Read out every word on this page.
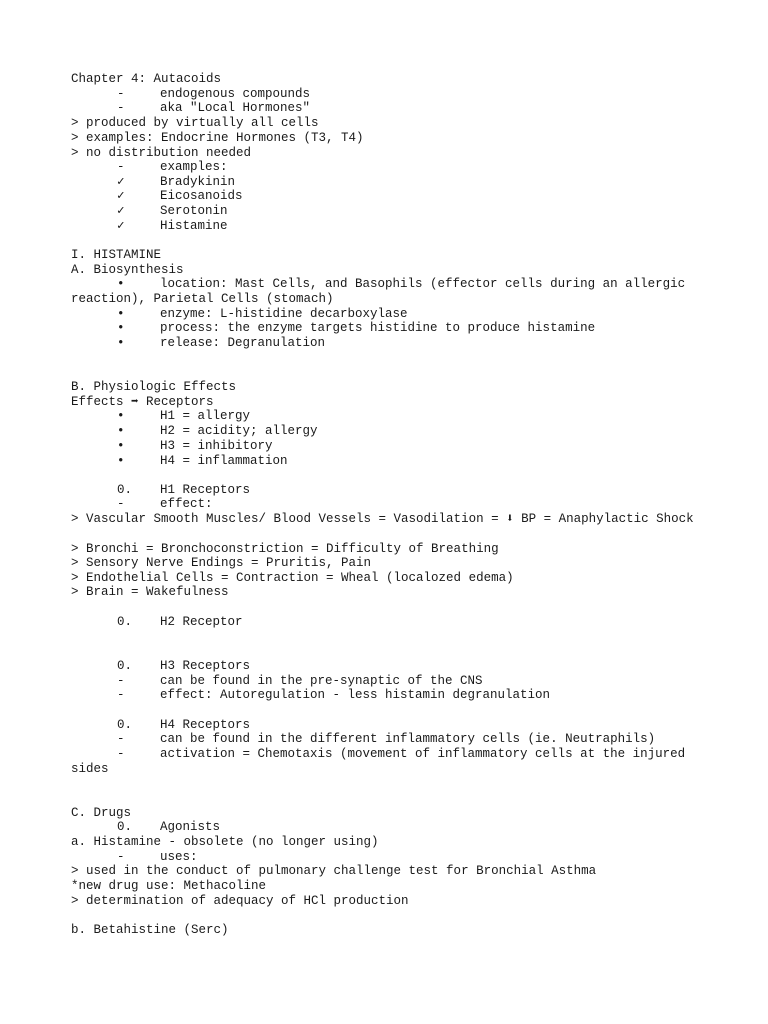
Chapter 4: Autacoids
-	endogenous compounds
-	aka "Local Hormones"
> produced by virtually all cells
> examples: Endocrine Hormones (T3, T4)
> no distribution needed
-	examples:
✓	Bradykinin
✓	Eicosanoids
✓	Serotonin
✓	Histamine
I. HISTAMINE
A. Biosynthesis
•	location: Mast Cells, and Basophils (effector cells during an allergic reaction), Parietal Cells (stomach)
•	enzyme: L-histidine decarboxylase
•	process: the enzyme targets histidine to produce histamine
•	release: Degranulation
B. Physiologic Effects
Effects ➡ Receptors
•	H1 = allergy
•	H2 = acidity; allergy
•	H3 = inhibitory
•	H4 = inflammation
0. H1 Receptors
-	effect:
> Vascular Smooth Muscles/ Blood Vessels = Vasodilation = ⬇ BP = Anaphylactic Shock
> Bronchi = Bronchoconstriction = Difficulty of Breathing
> Sensory Nerve Endings = Pruritis, Pain
> Endothelial Cells = Contraction = Wheal (localozed edema)
> Brain = Wakefulness
0. H2 Receptor
0. H3 Receptors
-	can be found in the pre-synaptic of the CNS
-	effect: Autoregulation - less histamin degranulation
0. H4 Receptors
-	can be found in the different inflammatory cells (ie. Neutraphils)
-	activation = Chemotaxis (movement of inflammatory cells at the injured sides
C. Drugs
0. Agonists
a. Histamine - obsolete (no longer using)
-	uses:
> used in the conduct of pulmonary challenge test for Bronchial Asthma
*new drug use: Methacoline
> determination of adequacy of HCl production
b. Betahistine (Serc)
